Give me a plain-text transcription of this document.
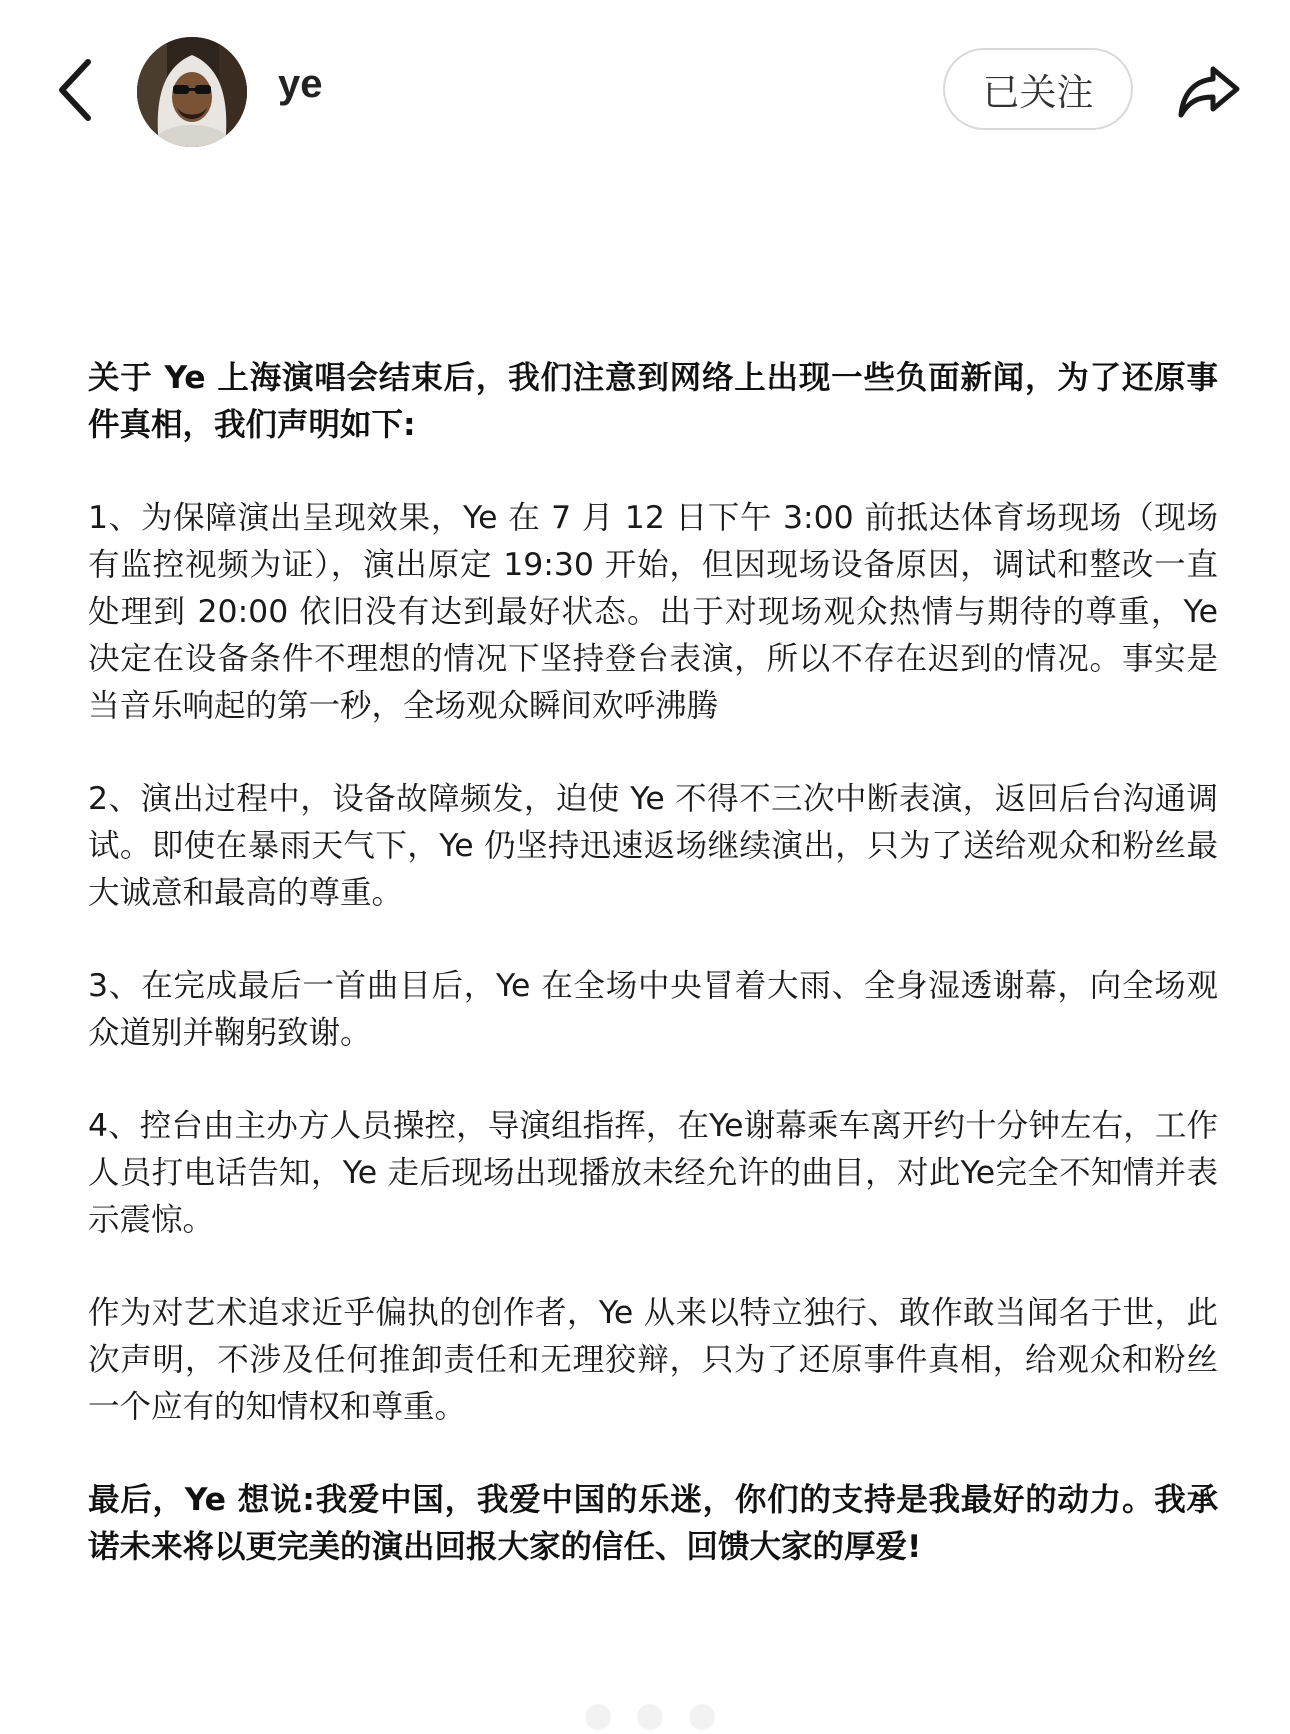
ye	已关注

关于 Ye 上海演唱会结束后，我们注意到网络上出现一些负面新闻，为了还原事件真相，我们声明如下:

1、为保障演出呈现效果，Ye 在 7 月 12 日下午 3:00 前抵达体育场现场（现场有监控视频为证），演出原定 19:30 开始，但因现场设备原因，调试和整改一直处理到 20:00 依旧没有达到最好状态。出于对现场观众热情与期待的尊重，Ye 决定在设备条件不理想的情况下坚持登台表演，所以不存在迟到的情况。事实是当音乐响起的第一秒，全场观众瞬间欢呼沸腾

2、演出过程中，设备故障频发，迫使 Ye 不得不三次中断表演，返回后台沟通调试。即使在暴雨天气下，Ye 仍坚持迅速返场继续演出，只为了送给观众和粉丝最大诚意和最高的尊重。

3、在完成最后一首曲目后，Ye 在全场中央冒着大雨、全身湿透谢幕，向全场观众道别并鞠躬致谢。

4、控台由主办方人员操控，导演组指挥，在Ye谢幕乘车离开约十分钟左右，工作人员打电话告知，Ye 走后现场出现播放未经允许的曲目，对此Ye完全不知情并表示震惊。

作为对艺术追求近乎偏执的创作者，Ye 从来以特立独行、敢作敢当闻名于世，此次声明，不涉及任何推卸责任和无理狡辩，只为了还原事件真相，给观众和粉丝一个应有的知情权和尊重。

最后，Ye 想说:我爱中国，我爱中国的乐迷，你们的支持是我最好的动力。我承诺未来将以更完美的演出回报大家的信任、回馈大家的厚爱!
